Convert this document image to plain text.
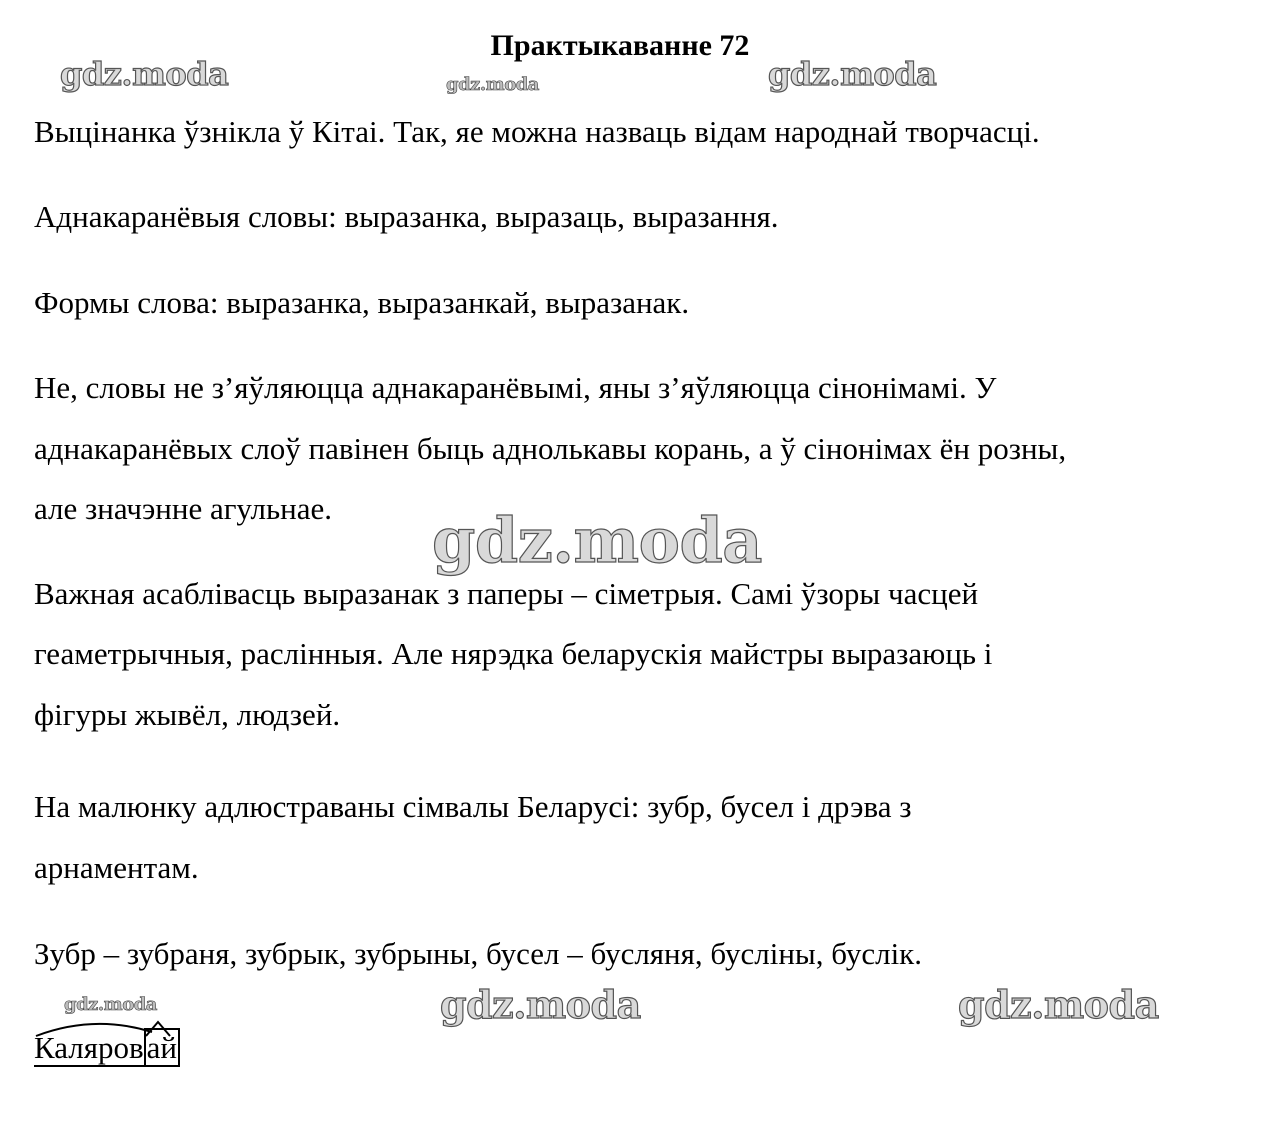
Практыкаванне 72
gdz.moda	gdz.moda	gdz.moda
gdz.moda
gdz.moda	gdz.moda	gdz.moda
Выцінанка ўзнікла ў Кітаі. Так, яе можна назваць відам народнай творчасці.
Аднакаранёвыя словы: выразанка, выразаць, выразання.
Формы слова: выразанка, выразанкай, выразанак.
Не, словы не з’яўляюцца аднакаранёвымі, яны з’яўляюцца сінонімамі. У
аднакаранёвых слоў павінен быць аднолькавы корань, а ў сінонімах ён розны,
але значэнне агульнае.
Важная асаблівасць выразанак з паперы – сіметрыя. Самі ўзоры часцей
геаметрычныя, раслінныя. Але нярэдка беларускія майстры выразаюць і
фігуры жывёл, людзей.
На малюнку адлюстраваны сімвалы Беларусі: зубр, бусел і дрэва з
арнаментам.
Зубр – зубраня, зубрык, зубрыны, бусел – бусляня, бусліны, буслік.
Каляровай
